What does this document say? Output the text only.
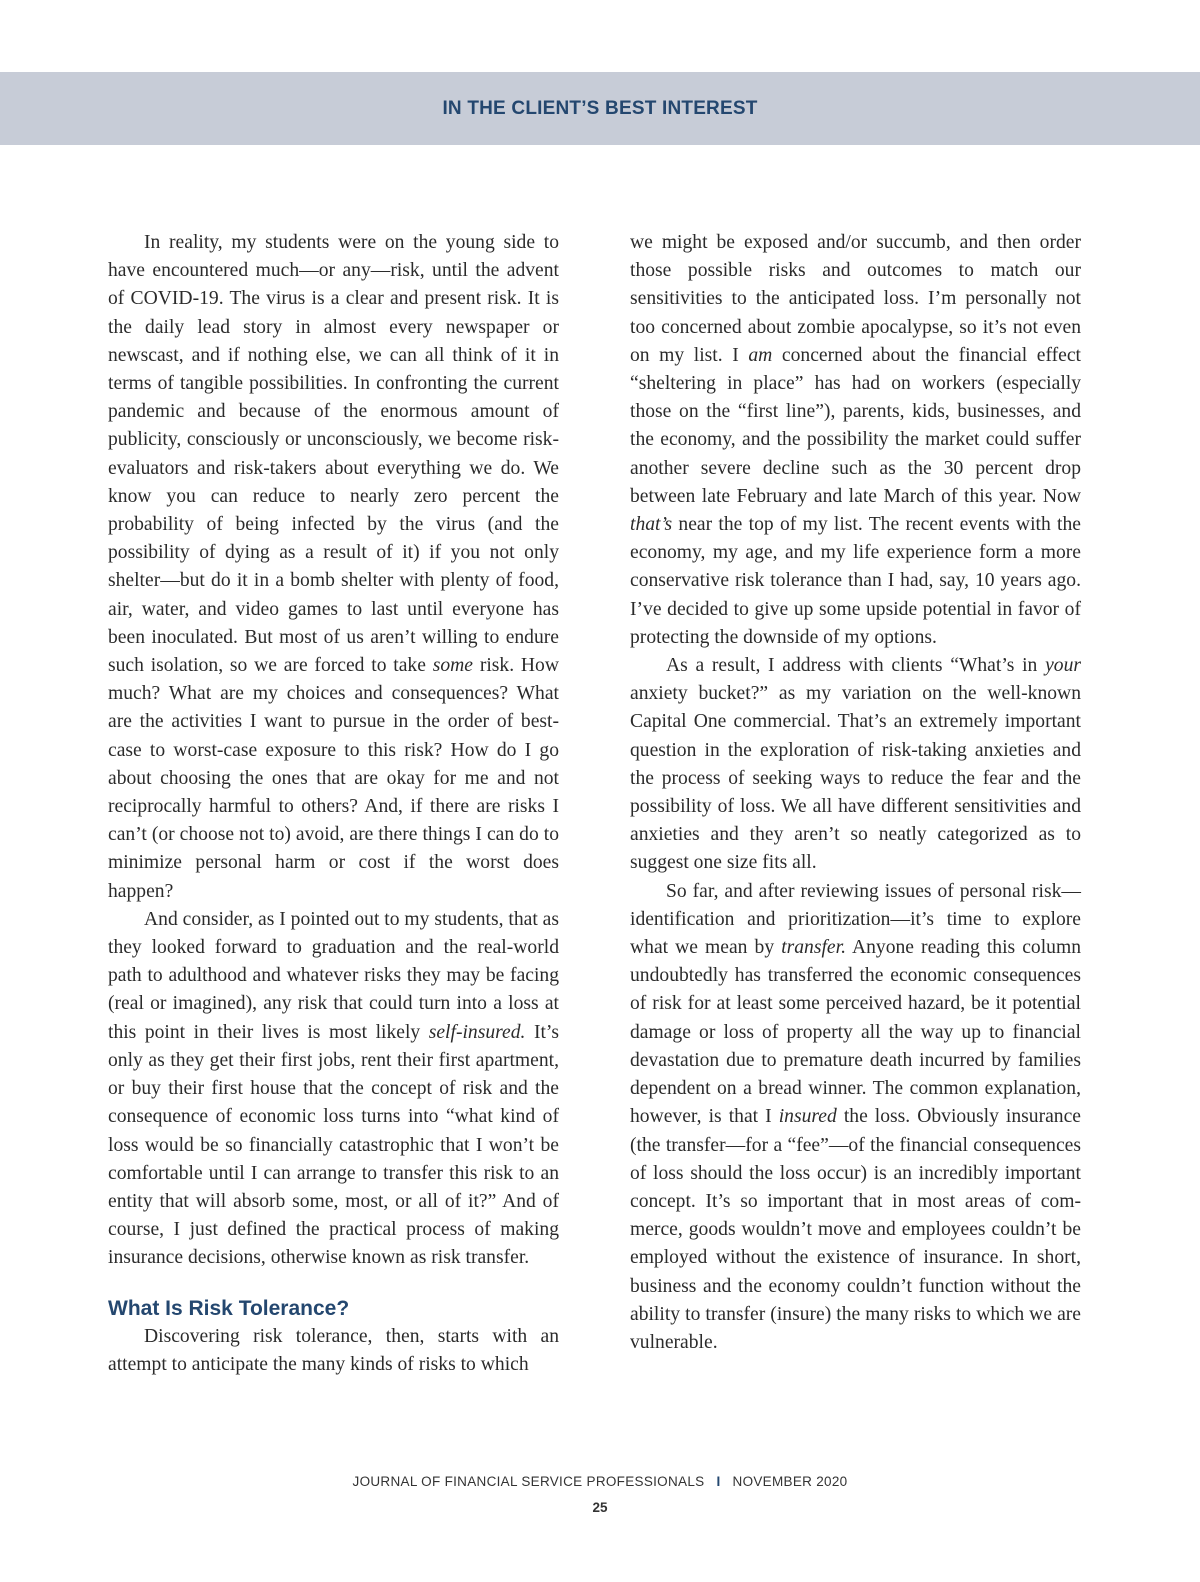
IN THE CLIENT’S BEST INTEREST

In reality, my students were on the young side to have encountered much—or any—risk, until the advent of COVID-19. The virus is a clear and present risk. It is the daily lead story in almost every newspaper or newscast, and if nothing else, we can all think of it in terms of tangible possibilities. In confronting the current pandemic and because of the enormous amount of publicity, consciously or unconsciously, we become risk-evaluators and risk-takers about everything we do. We know you can reduce to nearly zero percent the probability of being infected by the virus (and the possibility of dying as a result of it) if you not only shelter—but do it in a bomb shelter with plenty of food, air, water, and video games to last until everyone has been inoculated. But most of us aren’t willing to endure such isolation, so we are forced to take some risk. How much? What are my choices and consequences? What are the activities I want to pursue in the order of best-case to worst-case exposure to this risk? How do I go about choosing the ones that are okay for me and not reciprocally harmful to others? And, if there are risks I can’t (or choose not to) avoid, are there things I can do to minimize personal harm or cost if the worst does happen?

And consider, as I pointed out to my students, that as they looked forward to graduation and the real-world path to adulthood and whatever risks they may be facing (real or imagined), any risk that could turn into a loss at this point in their lives is most likely self-insured. It’s only as they get their first jobs, rent their first apartment, or buy their first house that the concept of risk and the consequence of economic loss turns into “what kind of loss would be so financially catastrophic that I won’t be comfortable until I can arrange to transfer this risk to an entity that will absorb some, most, or all of it?” And of course, I just defined the practical process of making insurance decisions, otherwise known as risk transfer.

What Is Risk Tolerance?

Discovering risk tolerance, then, starts with an attempt to anticipate the many kinds of risks to which

we might be exposed and/or succumb, and then order those possible risks and outcomes to match our sensitivities to the anticipated loss. I’m personally not too concerned about zombie apocalypse, so it’s not even on my list. I am concerned about the financial effect “sheltering in place” has had on workers (especially those on the “first line”), parents, kids, businesses, and the economy, and the possibility the market could suffer another severe decline such as the 30 percent drop between late February and late March of this year. Now that’s near the top of my list. The recent events with the economy, my age, and my life experience form a more conservative risk tolerance than I had, say, 10 years ago. I’ve decided to give up some upside potential in favor of protecting the downside of my options.

As a result, I address with clients “What’s in your anxiety bucket?” as my variation on the well-known Capital One commercial. That’s an extremely important question in the exploration of risk-taking anxieties and the process of seeking ways to reduce the fear and the possibility of loss. We all have different sensitivities and anxieties and they aren’t so neatly categorized as to suggest one size fits all.

So far, and after reviewing issues of personal risk—identification and prioritization—it’s time to explore what we mean by transfer. Anyone reading this column undoubtedly has transferred the economic consequences of risk for at least some perceived hazard, be it potential damage or loss of property all the way up to financial devastation due to premature death incurred by families dependent on a bread winner. The common explanation, however, is that I insured the loss. Obviously insurance (the transfer—for a “fee”—of the financial consequences of loss should the loss occur) is an incredibly important concept. It’s so important that in most areas of commerce, goods wouldn’t move and employees couldn’t be employed without the existence of insurance. In short, business and the economy couldn’t function without the ability to transfer (insure) the many risks to which we are vulnerable.

JOURNAL OF FINANCIAL SERVICE PROFESSIONALS I NOVEMBER 2020
25
